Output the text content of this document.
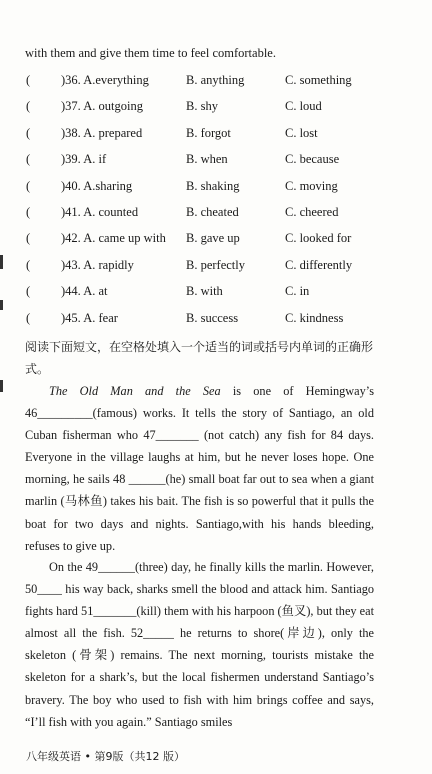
with them and give them time to feel comfortable.
( )36. A.everything	B. anything	C. something
( )37. A. outgoing	B. shy	C. loud
( )38. A. prepared	B. forgot	C. lost
( )39. A. if	B. when	C. because
( )40. A.sharing	B. shaking	C. moving
( )41. A. counted	B. cheated	C. cheered
( )42. A. came up with B. gave up	C. looked for
( )43. A. rapidly	B. perfectly	C. differently
( )44. A. at	B. with	C. in
( )45. A. fear	B. success	C. kindness
阅读下面短文，在空格处填入一个适当的词或括号内单词的正确形式。
The Old Man and the Sea is one of Hemingway’s 46_________(famous) works. It tells the story of Santiago, an old Cuban fisherman who 47_______ (not catch) any fish for 84 days. Everyone in the village laughs at him, but he never loses hope. One morning, he sails 48 ______(he) small boat far out to sea when a giant marlin (马林鱼) takes his bait. The fish is so powerful that it pulls the boat for two days and nights. Santiago,with his hands bleeding, refuses to give up.
On the 49______(three) day, he finally kills the marlin. However, 50____ his way back, sharks smell the blood and attack him. Santiago fights hard 51_______(kill) them with his harpoon (鱼叉), but they eat almost all the fish. 52_____ he returns to shore(岸边), only the skeleton (骨架) remains. The next morning, tourists mistake the skeleton for a shark’s, but the local fishermen understand Santiago’s bravery. The boy who used to fish with him brings coffee and says, “I’ll fish with you again.” Santiago smiles
八年级英语 • 第9版（共12 版）
